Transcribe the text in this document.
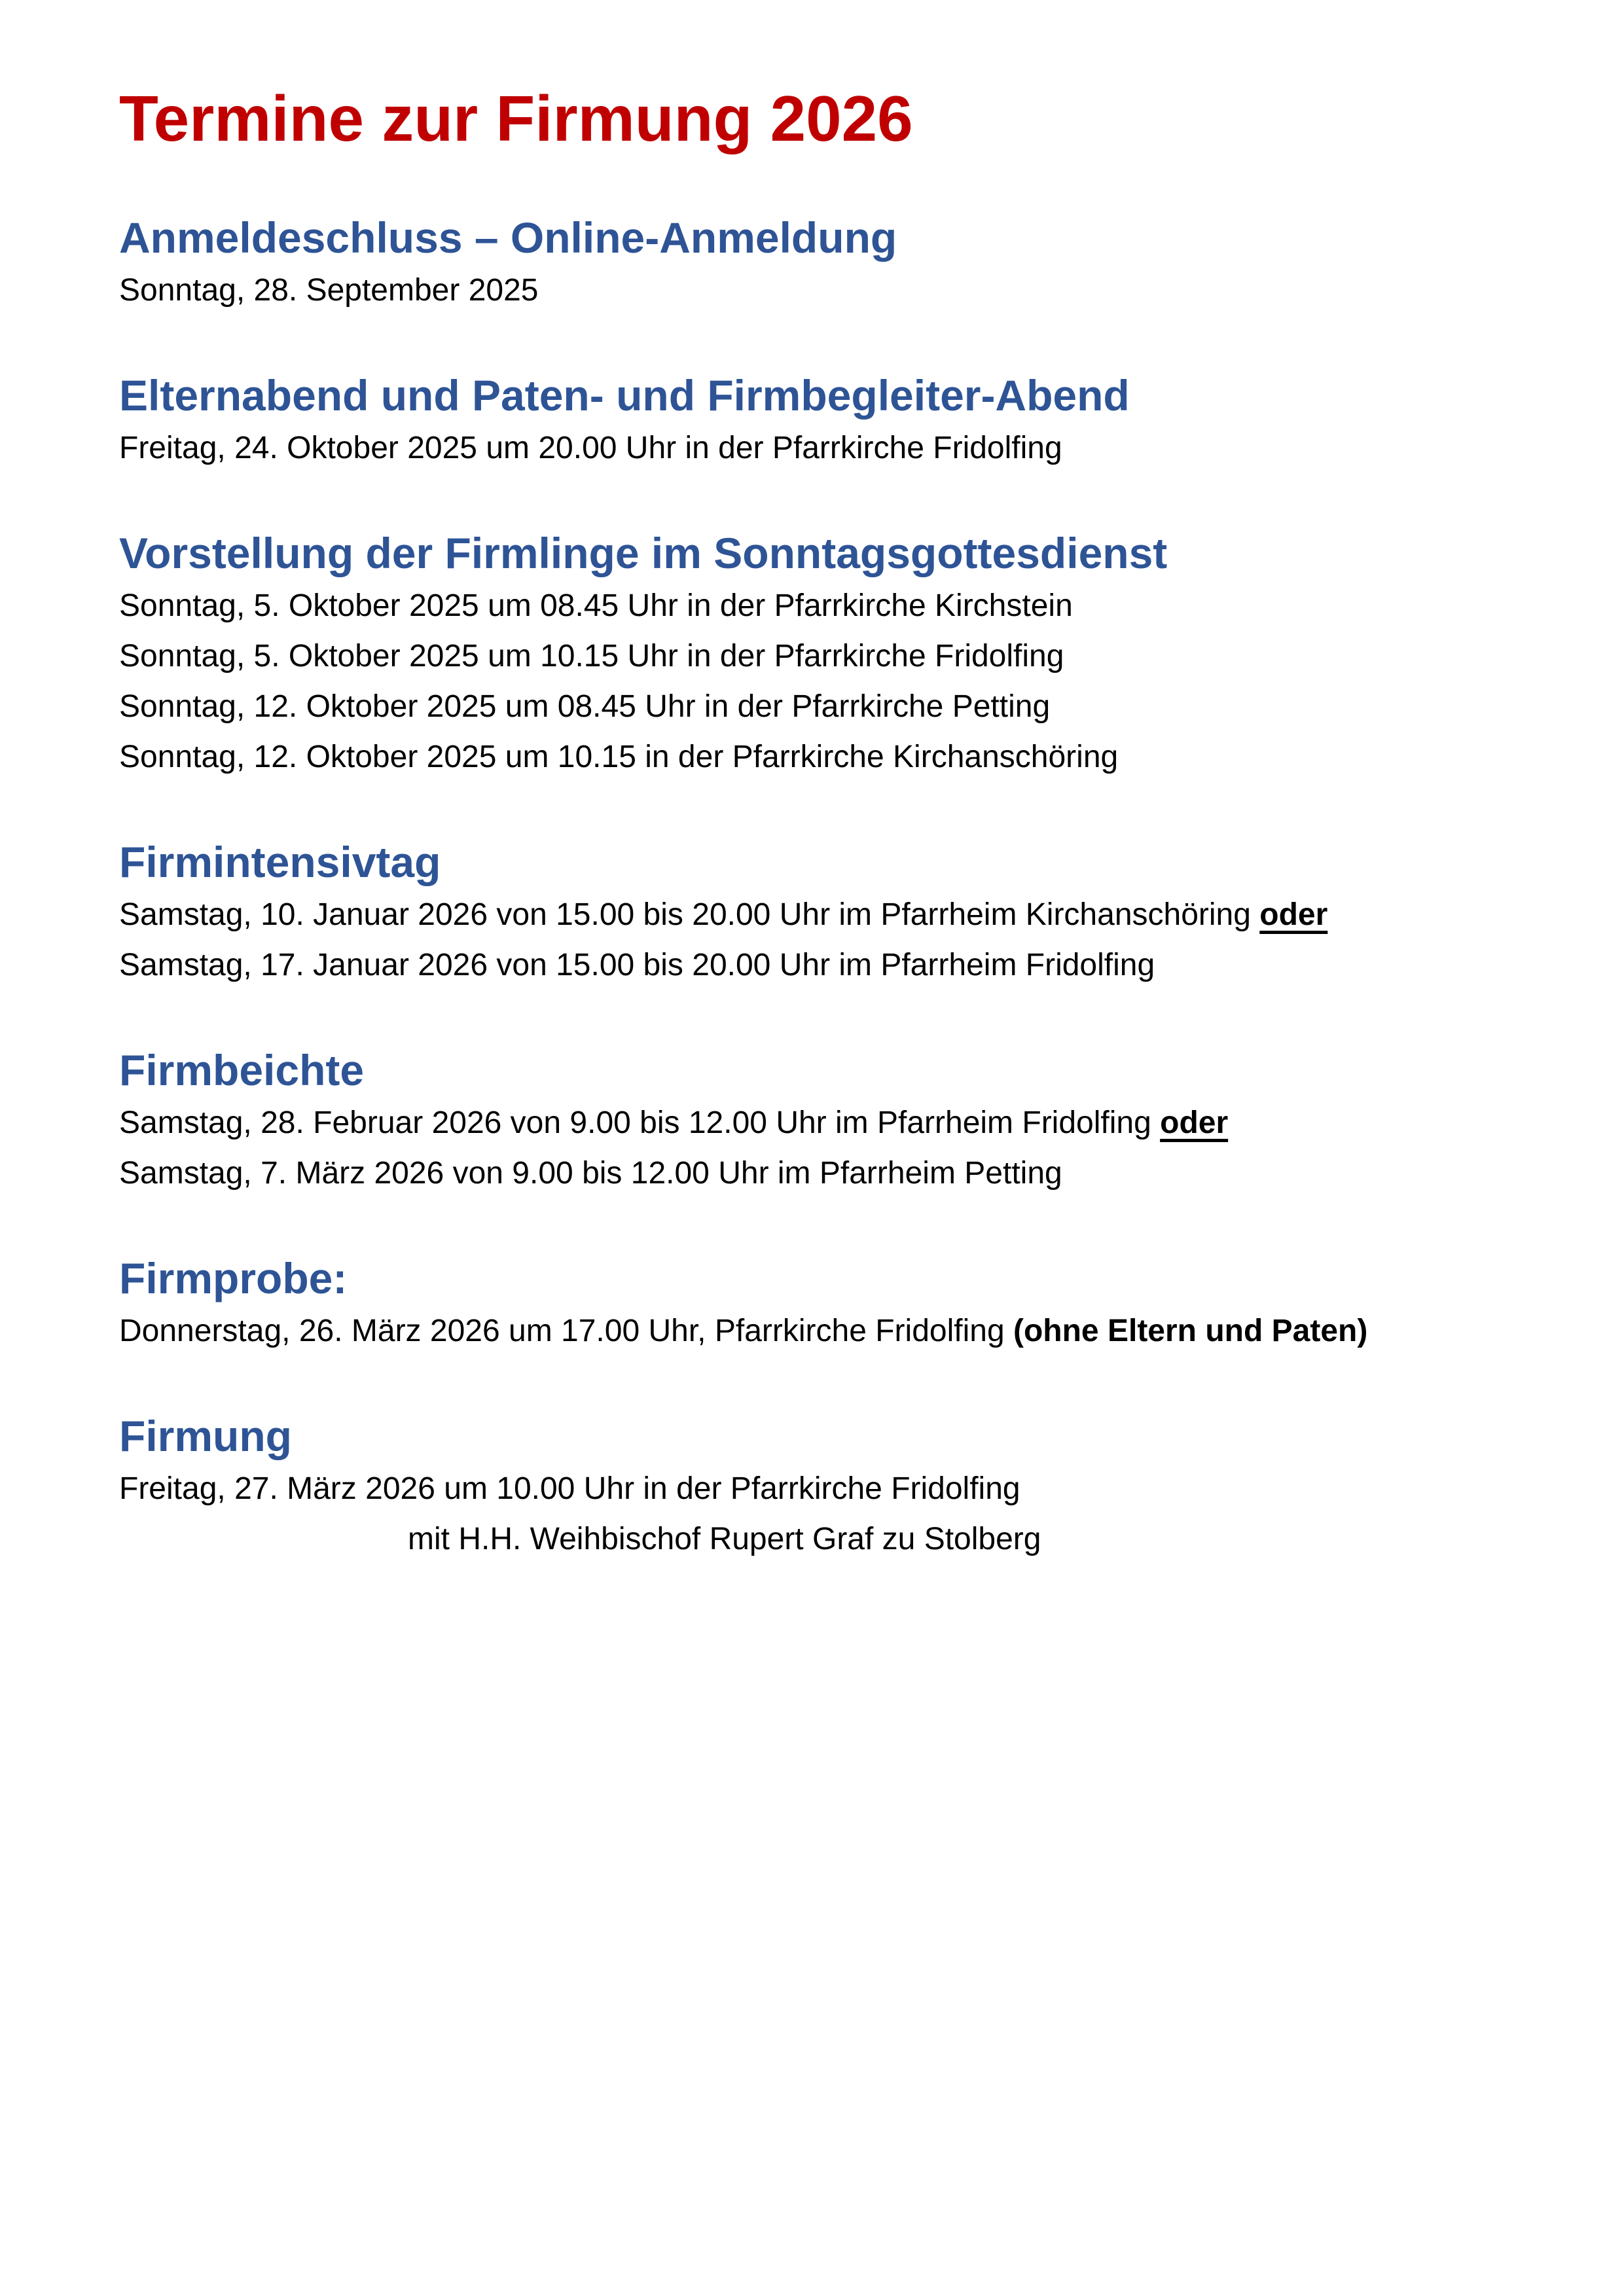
Termine zur Firmung 2026
Anmeldeschluss – Online-Anmeldung

Sonntag, 28. September 2025

Elternabend und Paten- und Firmbegleiter-Abend

Freitag, 24. Oktober 2025 um 20.00 Uhr in der Pfarrkirche Fridolfing

Vorstellung der Firmlinge im Sonntagsgottesdienst

Sonntag, 5. Oktober 2025 um 08.45 Uhr in der Pfarrkirche Kirchstein

Sonntag, 5. Oktober 2025 um 10.15 Uhr in der Pfarrkirche Fridolfing

Sonntag, 12. Oktober 2025 um 08.45 Uhr in der Pfarrkirche Petting

Sonntag, 12. Oktober 2025 um 10.15 in der Pfarrkirche Kirchanschöring

Firmintensivtag

Samstag, 10. Januar 2026 von 15.00 bis 20.00 Uhr im Pfarrheim Kirchanschöring oder

Samstag, 17. Januar 2026 von 15.00 bis 20.00 Uhr im Pfarrheim Fridolfing

Firmbeichte

Samstag, 28. Februar 2026 von 9.00 bis 12.00 Uhr im Pfarrheim Fridolfing oder

Samstag, 7. März 2026 von 9.00 bis 12.00 Uhr im Pfarrheim Petting

Firmprobe:

Donnerstag, 26. März 2026 um 17.00 Uhr, Pfarrkirche Fridolfing (ohne Eltern und Paten)

Firmung

Freitag, 27. März 2026 um 10.00 Uhr in der Pfarrkirche Fridolfing

mit H.H. Weihbischof Rupert Graf zu Stolberg
